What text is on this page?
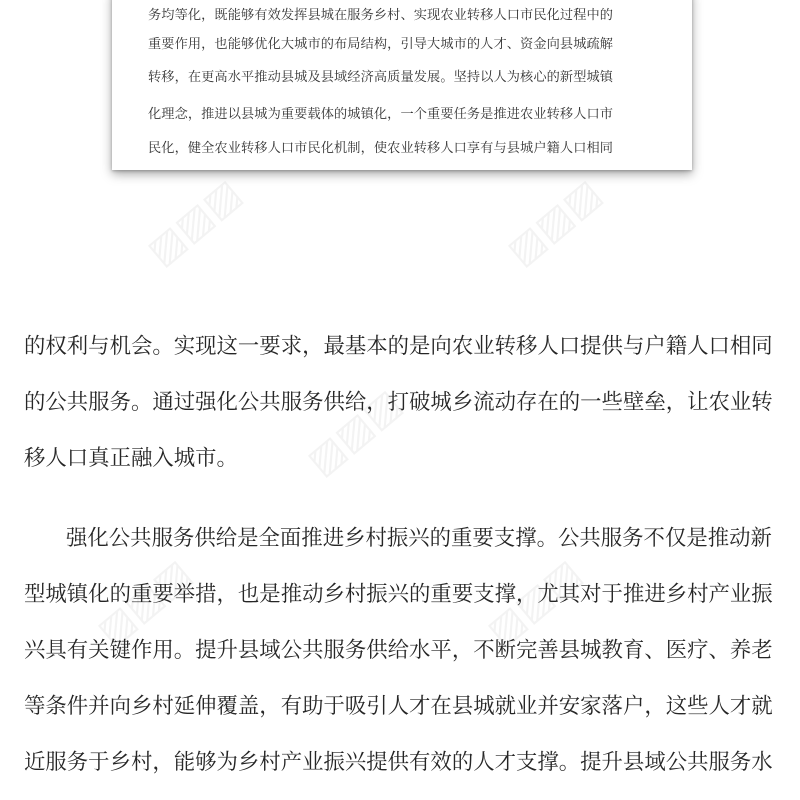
务均等化，既能够有效发挥县城在服务乡村、实现农业转移人口市民化过程中的
重要作用，也能够优化大城市的布局结构，引导大城市的人才、资金向县城疏解
转移，在更高水平推动县城及县域经济高质量发展。坚持以人为核心的新型城镇
化理念，推进以县城为重要载体的城镇化，一个重要任务是推进农业转移人口市
民化，健全农业转移人口市民化机制，使农业转移人口享有与县城户籍人口相同
▨▨▨	▨▨▨
▨▨▨
▨▨▨	▨▨▨
的权利与机会。实现这一要求，最基本的是向农业转移人口提供与户籍人口相同
的公共服务。通过强化公共服务供给，打破城乡流动存在的一些壁垒，让农业转
移人口真正融入城市。
强化公共服务供给是全面推进乡村振兴的重要支撑。公共服务不仅是推动新
型城镇化的重要举措，也是推动乡村振兴的重要支撑，尤其对于推进乡村产业振
兴具有关键作用。提升县域公共服务供给水平，不断完善县城教育、医疗、养老
等条件并向乡村延伸覆盖，有助于吸引人才在县城就业并安家落户，这些人才就
近服务于乡村，能够为乡村产业振兴提供有效的人才支撑。提升县域公共服务水
